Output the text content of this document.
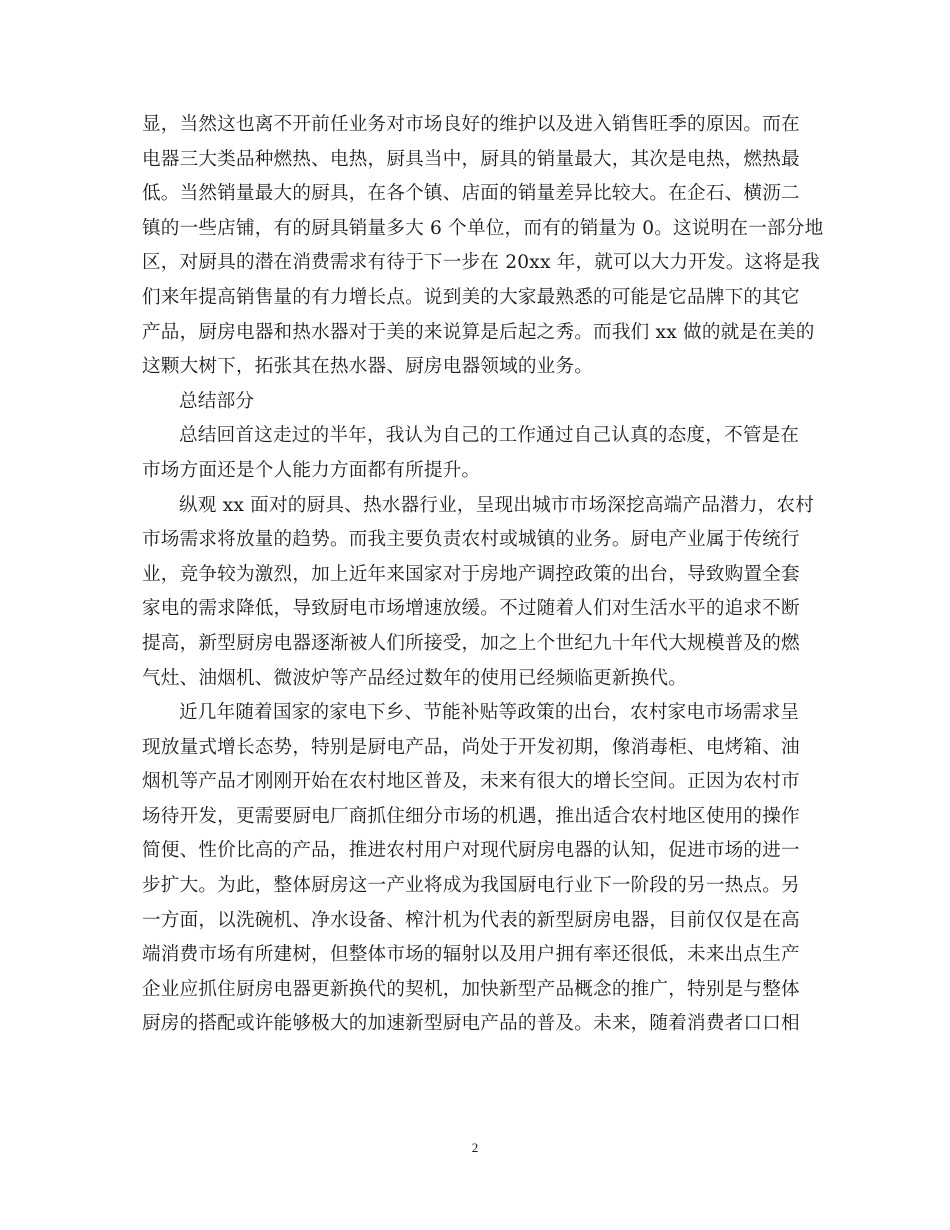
显，当然这也离不开前任业务对市场良好的维护以及进入销售旺季的原因。而在
电器三大类品种燃热、电热，厨具当中，厨具的销量最大，其次是电热，燃热最
低。当然销量最大的厨具，在各个镇、店面的销量差异比较大。在企石、横沥二
镇的一些店铺，有的厨具销量多大 6 个单位，而有的销量为 0。这说明在一部分地
区，对厨具的潜在消费需求有待于下一步在 20xx 年，就可以大力开发。这将是我
们来年提高销售量的有力增长点。说到美的大家最熟悉的可能是它品牌下的其它
产品，厨房电器和热水器对于美的来说算是后起之秀。而我们 xx 做的就是在美的
这颗大树下，拓张其在热水器、厨房电器领域的业务。
总结部分
总结回首这走过的半年，我认为自己的工作通过自己认真的态度，不管是在
市场方面还是个人能力方面都有所提升。
纵观 xx 面对的厨具、热水器行业，呈现出城市市场深挖高端产品潜力，农村
市场需求将放量的趋势。而我主要负责农村或城镇的业务。厨电产业属于传统行
业，竞争较为激烈，加上近年来国家对于房地产调控政策的出台，导致购置全套
家电的需求降低，导致厨电市场增速放缓。不过随着人们对生活水平的追求不断
提高，新型厨房电器逐渐被人们所接受，加之上个世纪九十年代大规模普及的燃
气灶、油烟机、微波炉等产品经过数年的使用已经频临更新换代。
近几年随着国家的家电下乡、节能补贴等政策的出台，农村家电市场需求呈
现放量式增长态势，特别是厨电产品，尚处于开发初期，像消毒柜、电烤箱、油
烟机等产品才刚刚开始在农村地区普及，未来有很大的增长空间。正因为农村市
场待开发，更需要厨电厂商抓住细分市场的机遇，推出适合农村地区使用的操作
简便、性价比高的产品，推进农村用户对现代厨房电器的认知，促进市场的进一
步扩大。为此，整体厨房这一产业将成为我国厨电行业下一阶段的另一热点。另
一方面，以洗碗机、净水设备、榨汁机为代表的新型厨房电器，目前仅仅是在高
端消费市场有所建树，但整体市场的辐射以及用户拥有率还很低，未来出点生产
企业应抓住厨房电器更新换代的契机，加快新型产品概念的推广，特别是与整体
厨房的搭配或许能够极大的加速新型厨电产品的普及。未来，随着消费者口口相
2
